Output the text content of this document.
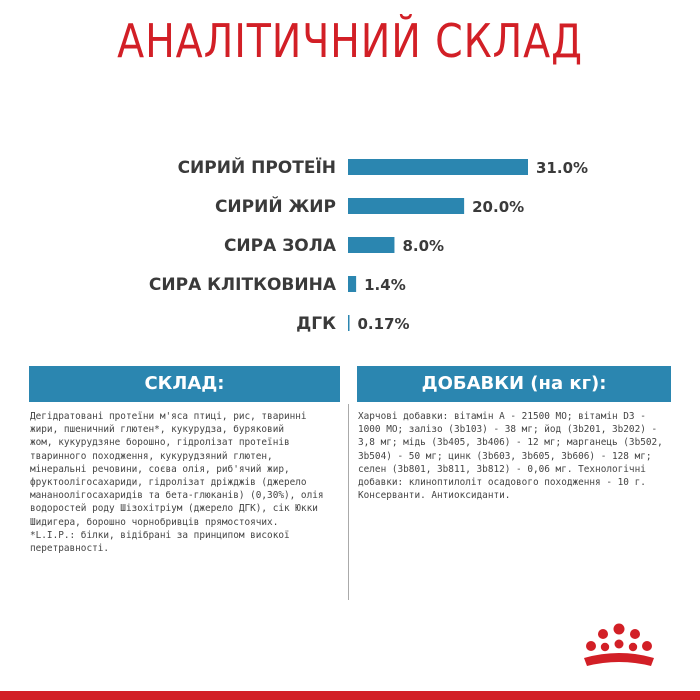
АНАЛІТИЧНИЙ СКЛАД
СИРИЙ ПРОТЕЇН	31.0%
СИРИЙ ЖИР	20.0%
СИРА ЗОЛА	8.0%
СИРА КЛІТКОВИНА 1.4%
ДГК 0.17%
СКЛАД:
Дегідратовані протеїни м'яса птиці, рис, тваринні
жири, пшеничний глютен*, кукурудза, буряковий
жом, кукурудзяне борошно, гідролізат протеїнів
тваринного походження, кукурудзяний глютен,
мінеральні речовини, соєва олія, риб'ячий жир,
фруктоолігосахариди, гідролізат дріжджів (джерело
мананоолігосахаридів та бета-глюканів) (0,30%), олія
водоростей роду Шізохітріум (джерело ДГК), сік Юкки
Шидигера, борошно чорнобривців прямостоячих.
*L.I.P.: білки, відібрані за принципом високої
перетравності.
ДОБАВКИ (на кг):
Харчові добавки: вітамін А - 21500 МО; вітамін D3 -
1000 МО; залізо (3b103) - 38 мг; йод (3b201, 3b202) -
3,8 мг; мідь (3b405, 3b406) - 12 мг; марганець (3b502,
3b504) - 50 мг; цинк (3b603, 3b605, 3b606) - 128 мг;
селен (3b801, 3b811, 3b812) - 0,06 мг. Технологічні
добавки: клиноптилоліт осадового походження - 10 г.
Консерванти. Антиоксиданти.
